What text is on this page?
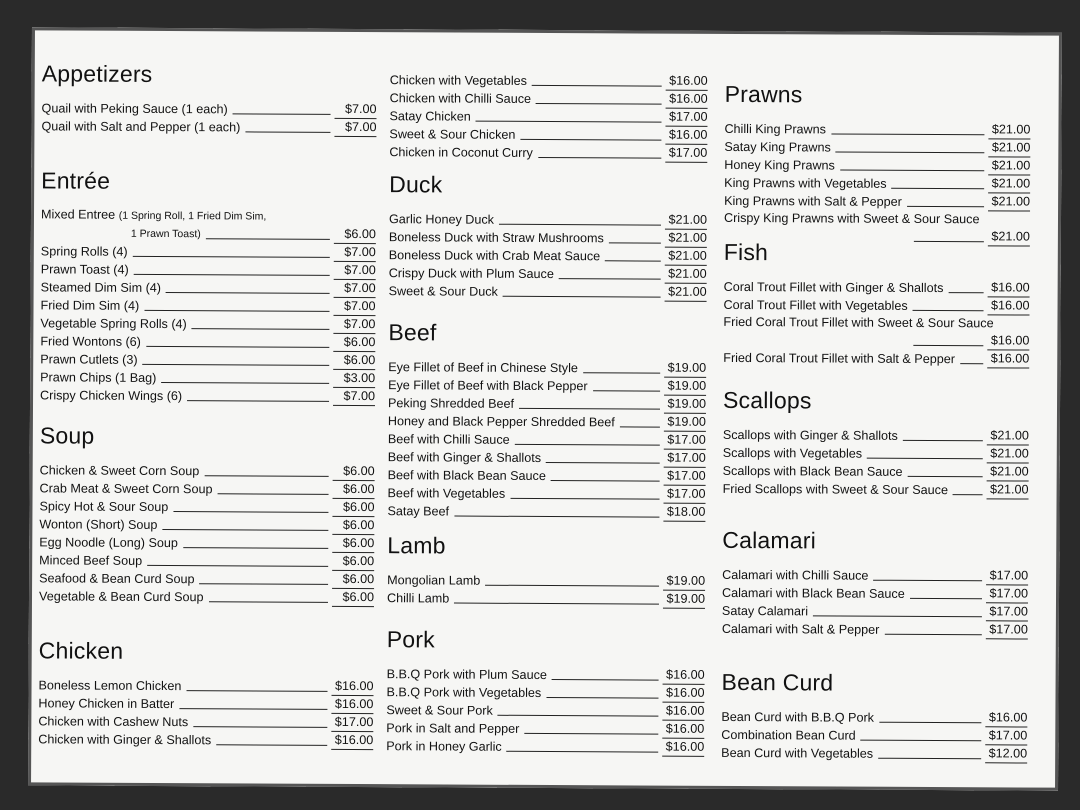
Appetizers
Quail with Peking Sauce (1 each)	$7.00
Quail with Salt and Pepper (1 each)	$7.00
Entrée
Mixed Entree (1 Spring Roll, 1 Fried Dim Sim,
1 Prawn Toast)	$6.00
Spring Rolls (4)	$7.00
Prawn Toast (4)	$7.00
Steamed Dim Sim (4)	$7.00
Fried Dim Sim (4)	$7.00
Vegetable Spring Rolls (4)	$7.00
Fried Wontons (6)	$6.00
Prawn Cutlets (3)	$6.00
Prawn Chips (1 Bag)	$3.00
Crispy Chicken Wings (6)	$7.00
Soup
Chicken & Sweet Corn Soup	$6.00
Crab Meat & Sweet Corn Soup	$6.00
Spicy Hot & Sour Soup	$6.00
Wonton (Short) Soup	$6.00
Egg Noodle (Long) Soup	$6.00
Minced Beef Soup	$6.00
Seafood & Bean Curd Soup	$6.00
Vegetable & Bean Curd Soup	$6.00
Chicken
Boneless Lemon Chicken	$16.00
Honey Chicken in Batter	$16.00
Chicken with Cashew Nuts	$17.00
Chicken with Ginger & Shallots	$16.00
Chicken with Vegetables	$16.00
Chicken with Chilli Sauce	$16.00
Satay Chicken	$17.00
Sweet & Sour Chicken	$16.00
Chicken in Coconut Curry	$17.00
Duck
Garlic Honey Duck	$21.00
Boneless Duck with Straw Mushrooms	$21.00
Boneless Duck with Crab Meat Sauce	$21.00
Crispy Duck with Plum Sauce	$21.00
Sweet & Sour Duck	$21.00
Beef
Eye Fillet of Beef in Chinese Style	$19.00
Eye Fillet of Beef with Black Pepper	$19.00
Peking Shredded Beef	$19.00
Honey and Black Pepper Shredded Beef	$19.00
Beef with Chilli Sauce	$17.00
Beef with Ginger & Shallots	$17.00
Beef with Black Bean Sauce	$17.00
Beef with Vegetables	$17.00
Satay Beef	$18.00
Lamb
Mongolian Lamb	$19.00
Chilli Lamb	$19.00
Pork
B.B.Q Pork with Plum Sauce	$16.00
B.B.Q Pork with Vegetables	$16.00
Sweet & Sour Pork	$16.00
Pork in Salt and Pepper	$16.00
Pork in Honey Garlic	$16.00
Prawns
Chilli King Prawns	$21.00
Satay King Prawns	$21.00
Honey King Prawns	$21.00
King Prawns with Vegetables	$21.00
King Prawns with Salt & Pepper	$21.00
Crispy King Prawns with Sweet & Sour Sauce
$21.00
Fish
Coral Trout Fillet with Ginger & Shallots	$16.00
Coral Trout Fillet with Vegetables	$16.00
Fried Coral Trout Fillet with Sweet & Sour Sauce
$16.00
Fried Coral Trout Fillet with Salt & Pepper	$16.00
Scallops
Scallops with Ginger & Shallots	$21.00
Scallops with Vegetables	$21.00
Scallops with Black Bean Sauce	$21.00
Fried Scallops with Sweet & Sour Sauce	$21.00
Calamari
Calamari with Chilli Sauce	$17.00
Calamari with Black Bean Sauce	$17.00
Satay Calamari	$17.00
Calamari with Salt & Pepper	$17.00
Bean Curd
Bean Curd with B.B.Q Pork	$16.00
Combination Bean Curd	$17.00
Bean Curd with Vegetables	$12.00
